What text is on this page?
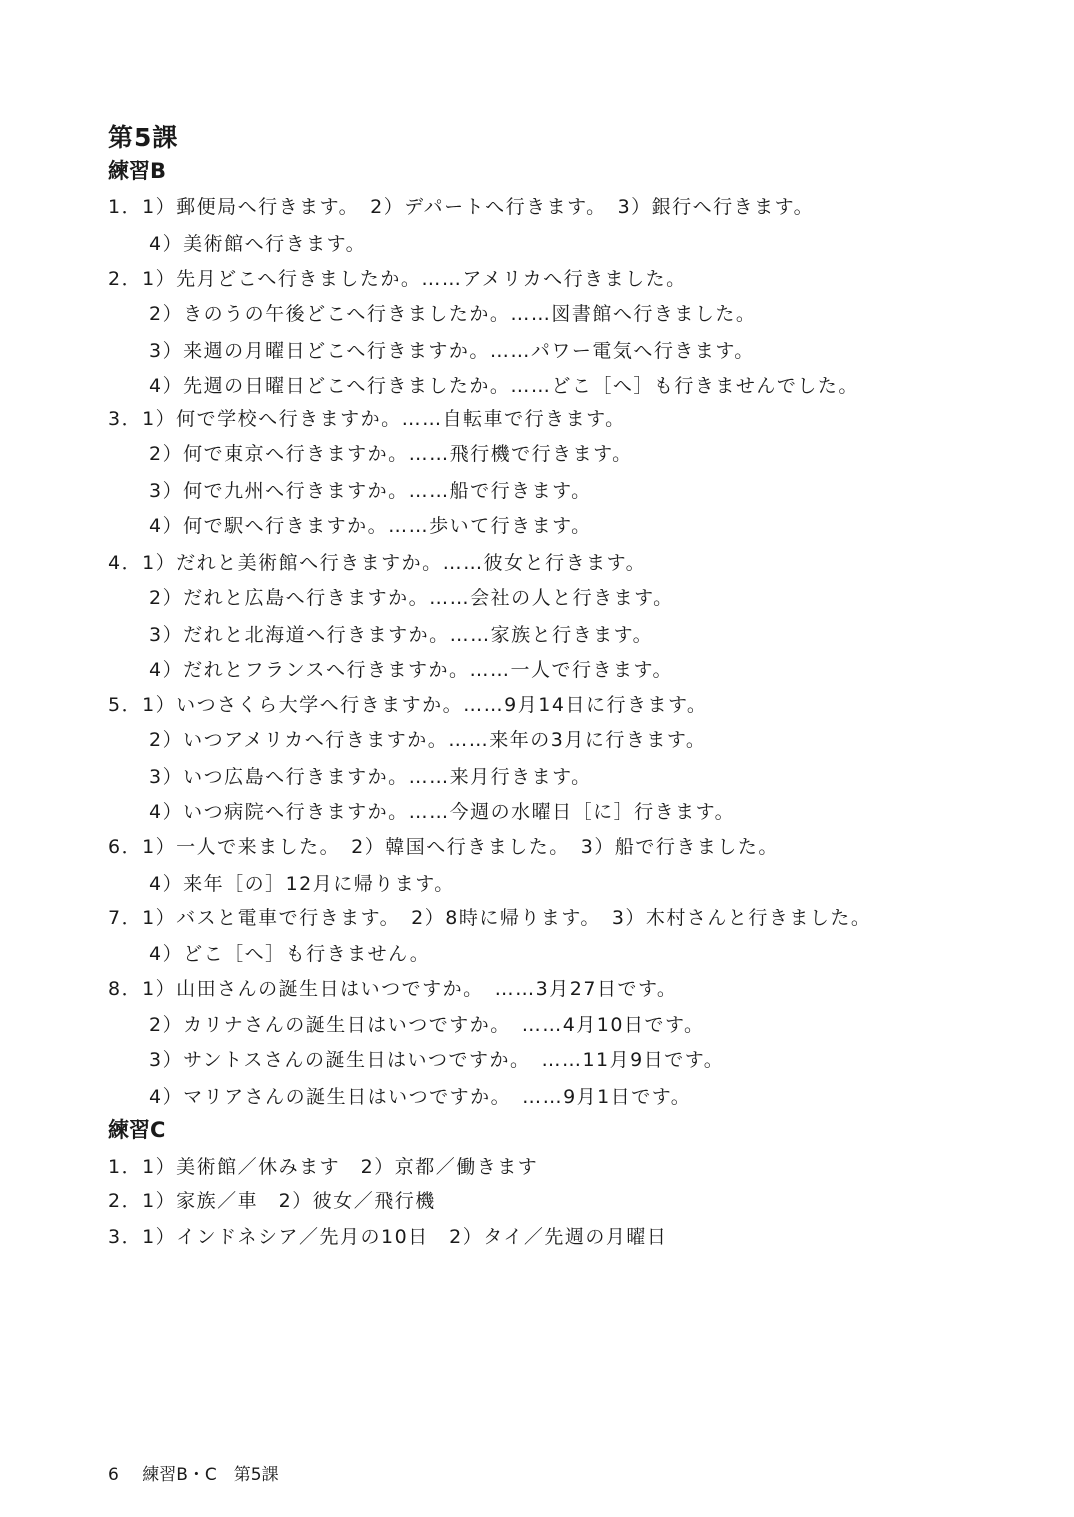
第5課
練習B
1．1）郵便局へ行きます。　2）デパートへ行きます。　3）銀行へ行きます。
　　4）美術館へ行きます。
2．1）先月どこへ行きましたか。……アメリカへ行きました。
　　2）きのうの午後どこへ行きましたか。……図書館へ行きました。
　　3）来週の月曜日どこへ行きますか。……パワー電気へ行きます。
　　4）先週の日曜日どこへ行きましたか。……どこ［へ］も行きませんでした。
3．1）何で学校へ行きますか。……自転車で行きます。
　　2）何で東京へ行きますか。……飛行機で行きます。
　　3）何で九州へ行きますか。……船で行きます。
　　4）何で駅へ行きますか。……歩いて行きます。
4．1）だれと美術館へ行きますか。……彼女と行きます。
　　2）だれと広島へ行きますか。……会社の人と行きます。
　　3）だれと北海道へ行きますか。……家族と行きます。
　　4）だれとフランスへ行きますか。……一人で行きます。
5．1）いつさくら大学へ行きますか。……9月14日に行きます。
　　2）いつアメリカへ行きますか。……来年の3月に行きます。
　　3）いつ広島へ行きますか。……来月行きます。
　　4）いつ病院へ行きますか。……今週の水曜日［に］行きます。
6．1）一人で来ました。　2）韓国へ行きました。　3）船で行きました。
　　4）来年［の］12月に帰ります。
7．1）バスと電車で行きます。　2）8時に帰ります。　3）木村さんと行きました。
　　4）どこ［へ］も行きません。
8．1）山田さんの誕生日はいつですか。　……3月27日です。
　　2）カリナさんの誕生日はいつですか。　……4月10日です。
　　3）サントスさんの誕生日はいつですか。　……11月9日です。
　　4）マリアさんの誕生日はいつですか。　……9月1日です。
練習C
1．1）美術館／休みます　2）京都／働きます
2．1）家族／車　2）彼女／飛行機
3．1）インドネシア／先月の10日　2）タイ／先週の月曜日
6 練習B・C　第5課
